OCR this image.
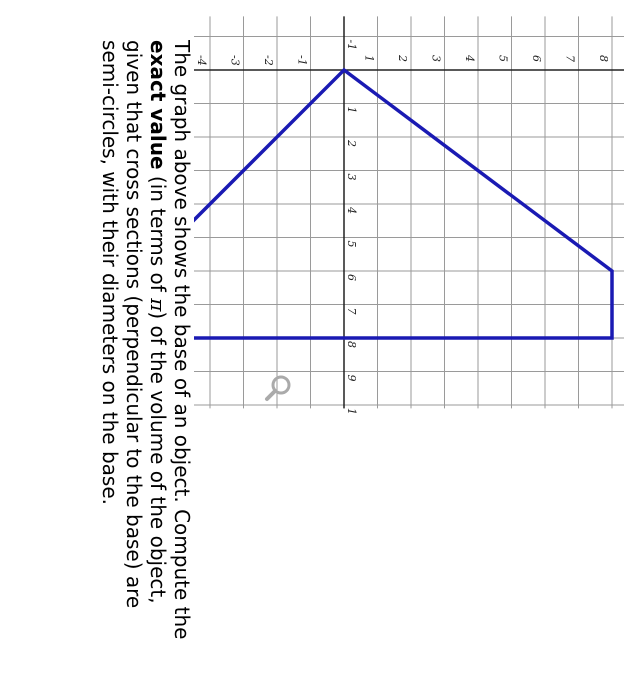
-1
1
2
3
4
5
6
7
8
9
1
1 2 3 4 5 6 7 8
-1
-2
-3
-4

The graph above shows the base of an object. Compute the exact value (in terms of π) of the volume of the object, given that cross sections (perpendicular to the base) are semi-circles, with their diameters on the base.
